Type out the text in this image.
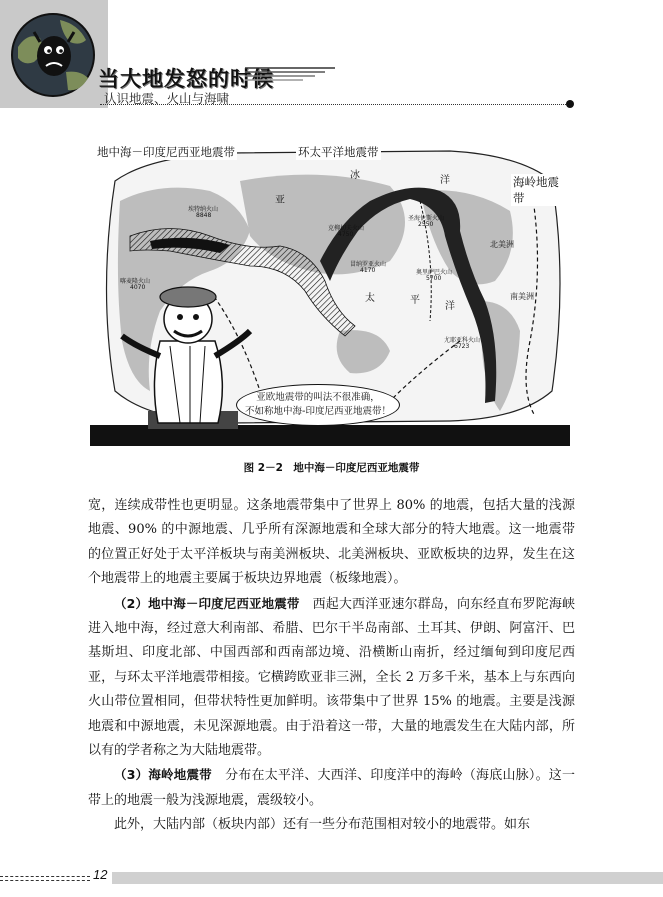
当大地发怒的时候
认识地震、火山与海啸
地中海－印度尼西亚地震带	环太平洋地震带
海岭地震带
埃特纳火山
8848
喀麦隆火山
4070
克柳切夫火山
4750
冒纳罗亚火山
4170
圣海伦斯火山
2550
奥里萨巴火山
5700
尤耶亚科火山
6723
北美洲
南美洲
亚
冰	洋
太	平
洋
亚欧地震带的叫法不很准确，
不如称地中海-印度尼西亚地震带！
图 2－2　地中海－印度尼西亚地震带

宽，连续成带性也更明显。这条地震带集中了世界上 80% 的地震，包括大量的浅源地震、90% 的中源地震、几乎所有深源地震和全球大部分的特大地震。这一地震带的位置正好处于太平洋板块与南美洲板块、北美洲板块、亚欧板块的边界，发生在这个地震带上的地震主要属于板块边界地震（板缘地震）。

（2）地中海－印度尼西亚地震带　西起大西洋亚速尔群岛，向东经直布罗陀海峡进入地中海，经过意大利南部、希腊、巴尔干半岛南部、土耳其、伊朗、阿富汗、巴基斯坦、印度北部、中国西部和西南部边境、沿横断山南折，经过缅甸到印度尼西亚，与环太平洋地震带相接。它横跨欧亚非三洲，全长 2 万多千米，基本上与东西向火山带位置相同，但带状特性更加鲜明。该带集中了世界 15% 的地震。主要是浅源地震和中源地震，未见深源地震。由于沿着这一带，大量的地震发生在大陆内部，所以有的学者称之为大陆地震带。

（3）海岭地震带　分布在太平洋、大西洋、印度洋中的海岭（海底山脉）。这一带上的地震一般为浅源地震，震级较小。

此外，大陆内部（板块内部）还有一些分布范围相对较小的地震带。如东

12
